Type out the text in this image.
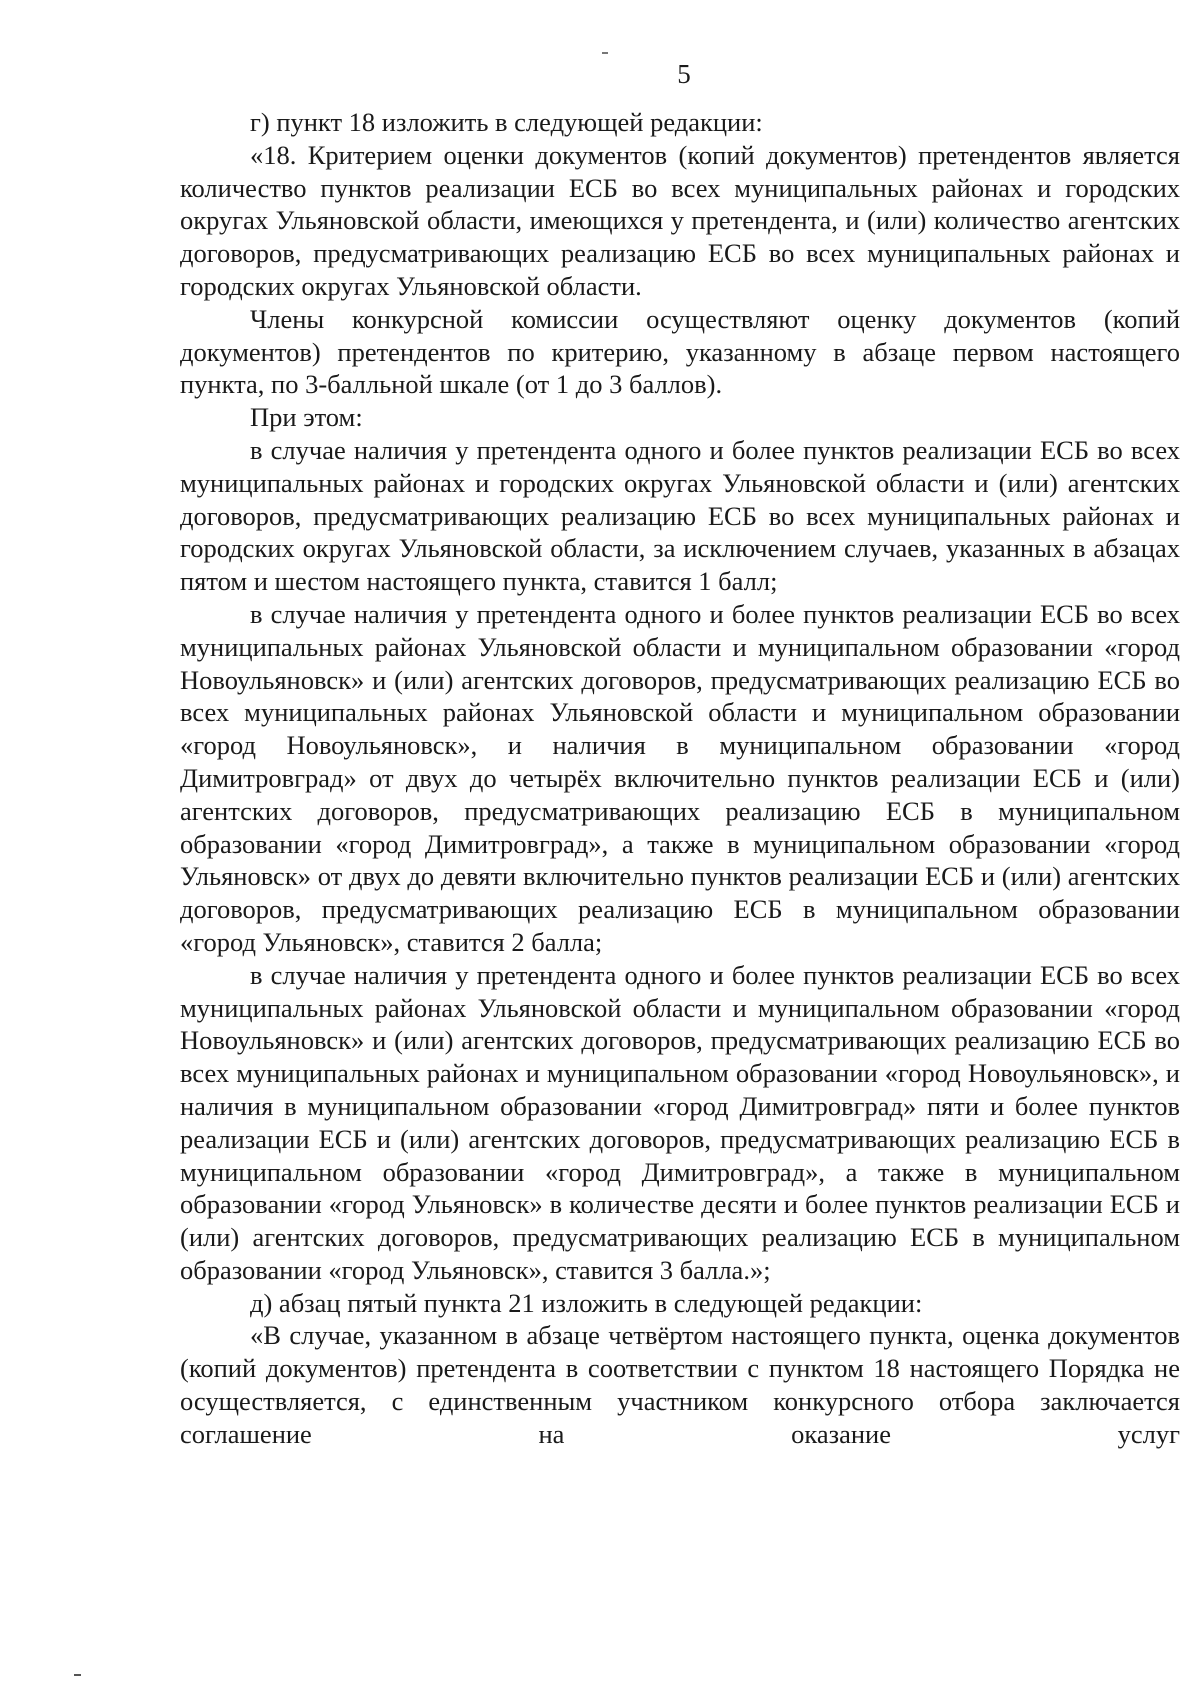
5

г) пункт 18 изложить в следующей редакции:

«18. Критерием оценки документов (копий документов) претендентов является количество пунктов реализации ЕСБ во всех муниципальных районах и городских округах Ульяновской области, имеющихся у претендента, и (или) количество агентских договоров, предусматривающих реализацию ЕСБ во всех муниципальных районах и городских округах Ульяновской области.

Члены конкурсной комиссии осуществляют оценку документов (копий документов) претендентов по критерию, указанному в абзаце первом настоящего пункта, по 3-балльной шкале (от 1 до 3 баллов).

При этом:

в случае наличия у претендента одного и более пунктов реализации ЕСБ во всех муниципальных районах и городских округах Ульяновской области и (или) агентских договоров, предусматривающих реализацию ЕСБ во всех муниципальных районах и городских округах Ульяновской области, за исключением случаев, указанных в абзацах пятом и шестом настоящего пункта, ставится 1 балл;

в случае наличия у претендента одного и более пунктов реализации ЕСБ во всех муниципальных районах Ульяновской области и муниципальном образовании «город Новоульяновск» и (или) агентских договоров, предусматривающих реализацию ЕСБ во всех муниципальных районах Ульяновской области и муниципальном образовании «город Новоульяновск», и наличия в муниципальном образовании «город Димитровград» от двух до четырёх включительно пунктов реализации ЕСБ и (или) агентских договоров, предусматривающих реализацию ЕСБ в муниципальном образовании «город Димитровград», а также в муниципальном образовании «город Ульяновск» от двух до девяти включительно пунктов реализации ЕСБ и (или) агентских договоров, предусматривающих реализацию ЕСБ в муниципальном образовании «город Ульяновск», ставится 2 балла;

в случае наличия у претендента одного и более пунктов реализации ЕСБ во всех муниципальных районах Ульяновской области и муниципальном образовании «город Новоульяновск» и (или) агентских договоров, предусматривающих реализацию ЕСБ во всех муниципальных районах и муниципальном образовании «город Новоульяновск», и наличия в муниципальном образовании «город Димитровград» пяти и более пунктов реализации ЕСБ и (или) агентских договоров, предусматривающих реализацию ЕСБ в муниципальном образовании «город Димитровград», а также в муниципальном образовании «город Ульяновск» в количестве десяти и более пунктов реализации ЕСБ и (или) агентских договоров, предусматривающих реализацию ЕСБ в муниципальном образовании «город Ульяновск», ставится 3 балла.»;

д) абзац пятый пункта 21 изложить в следующей редакции:

«В случае, указанном в абзаце четвёртом настоящего пункта, оценка документов (копий документов) претендента в соответствии с пунктом 18 настоящего Порядка не осуществляется, с единственным участником конкурсного отбора заключается соглашение на оказание услуг
